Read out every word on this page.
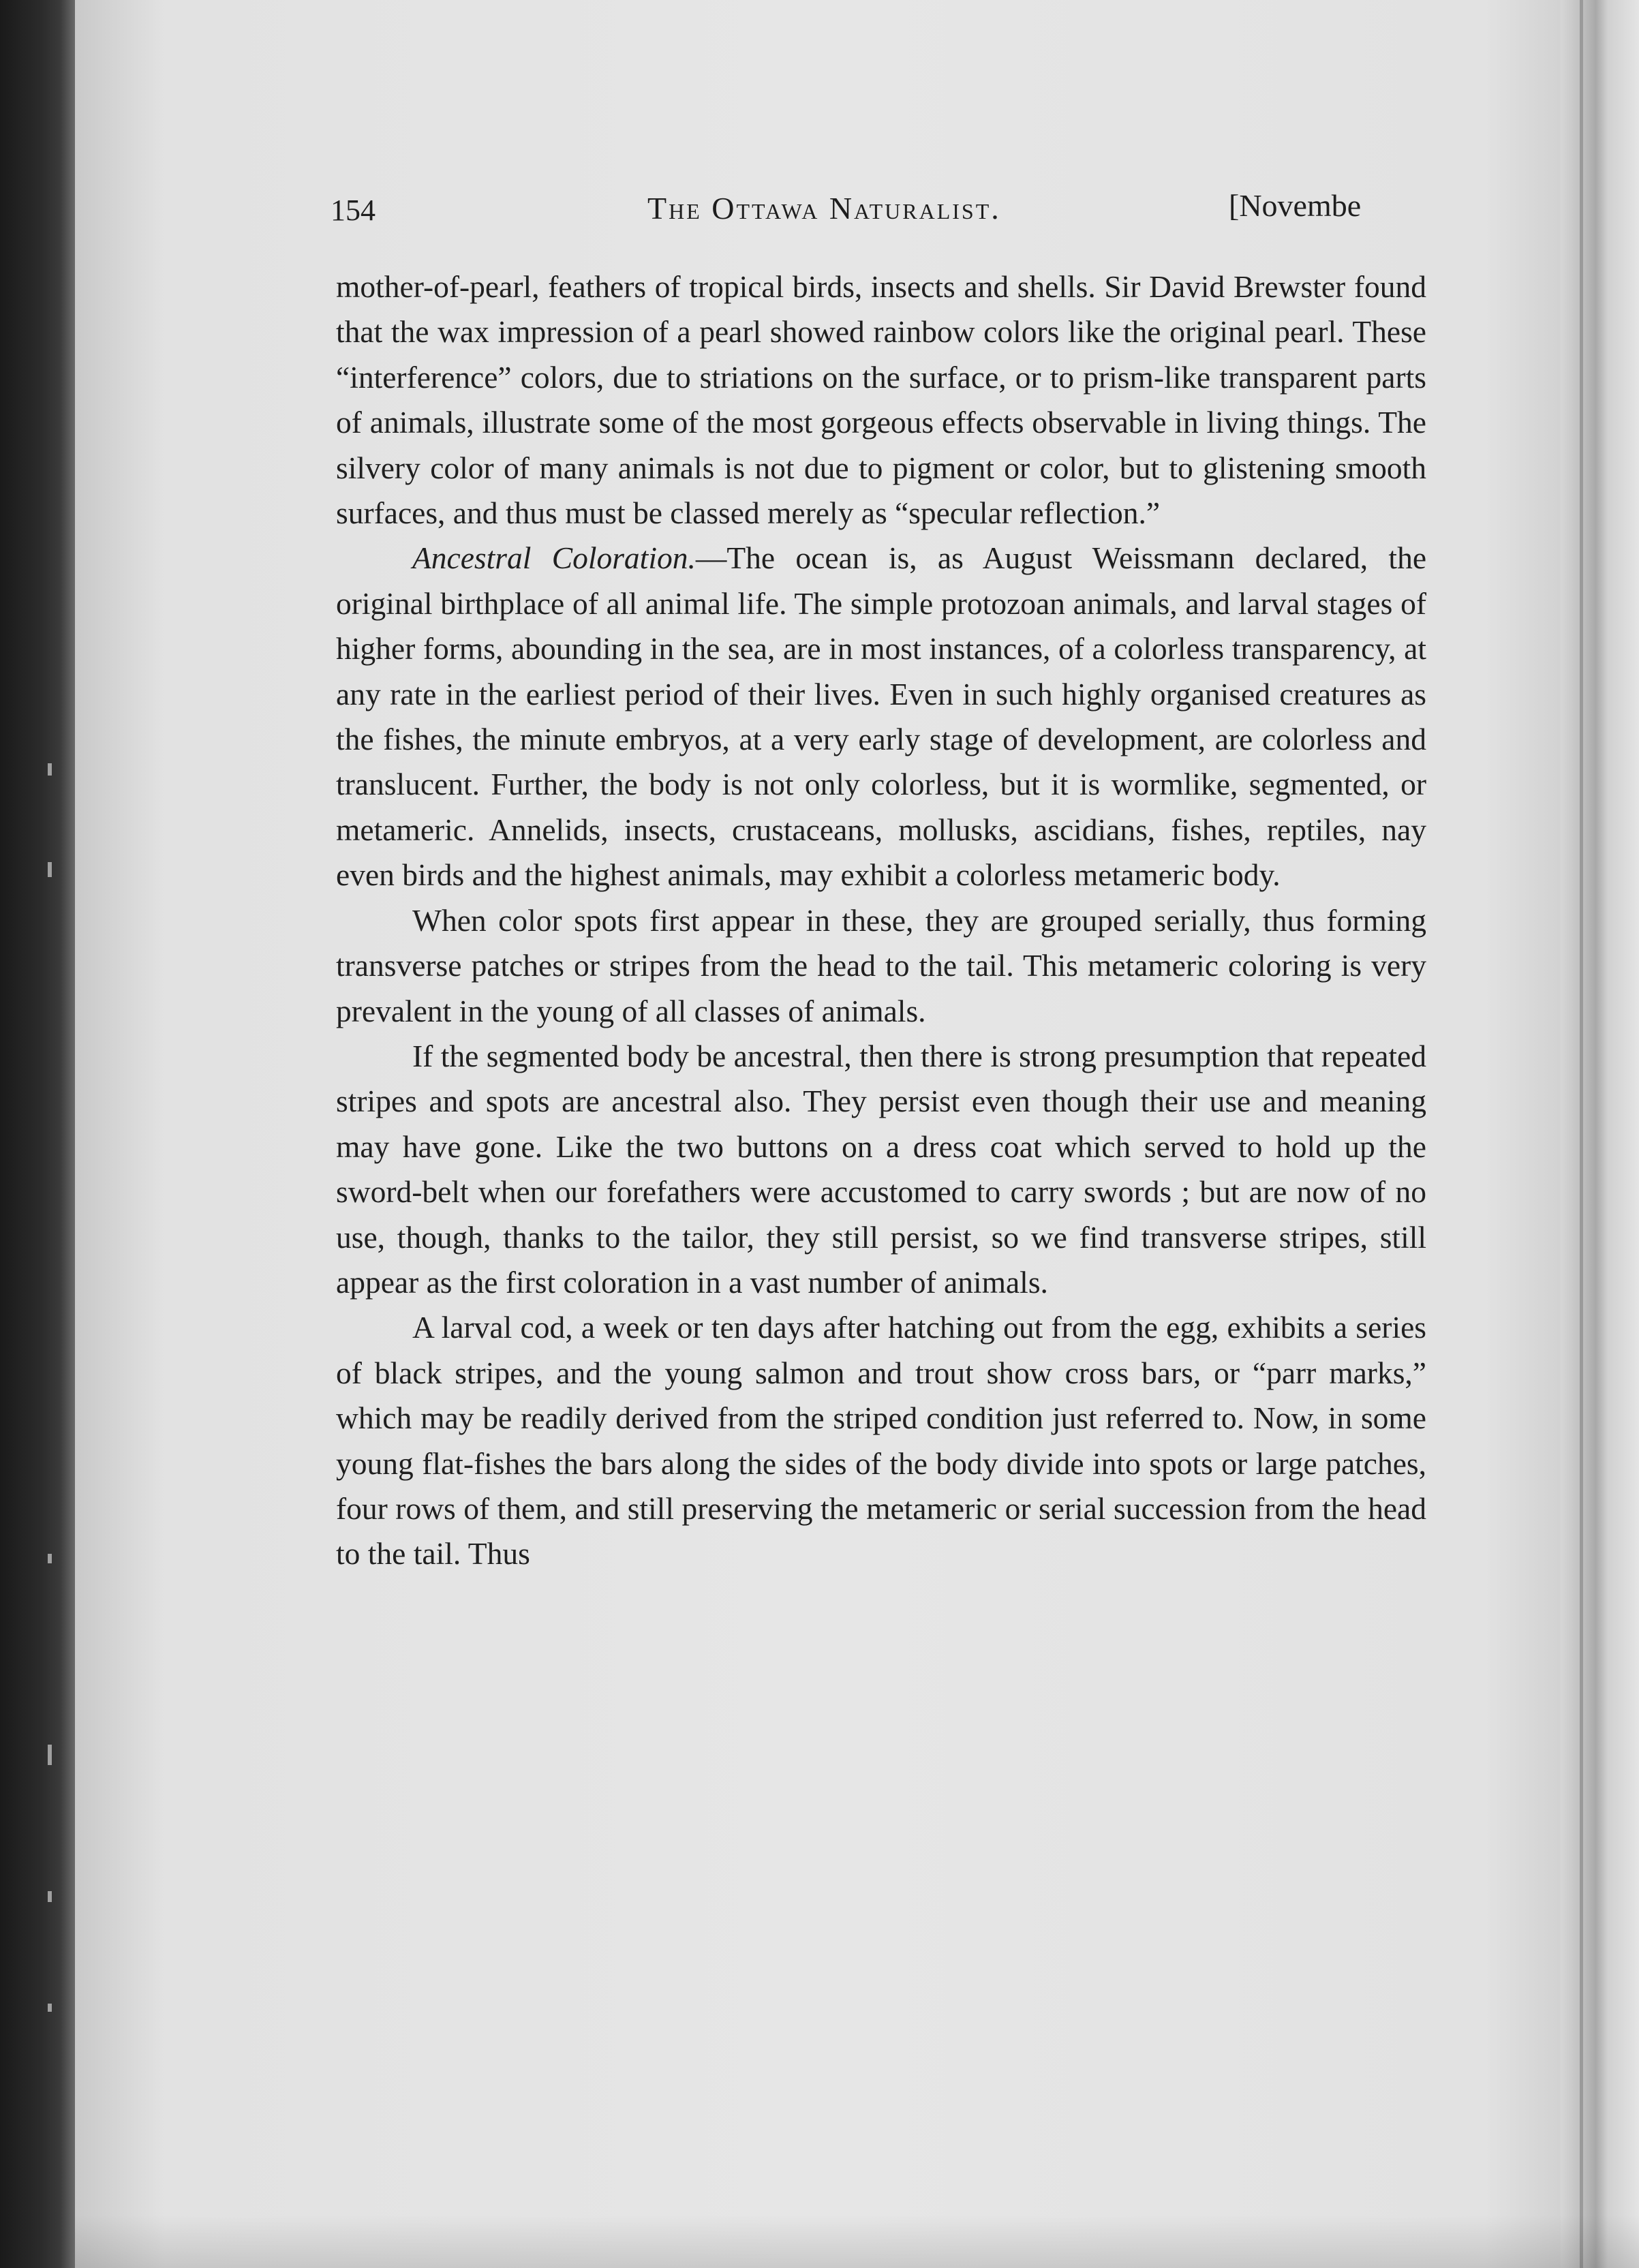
154	The Ottawa Naturalist.	[Novembe

mother-of-pearl, feathers of tropical birds, insects and shells. Sir David Brewster found that the wax impression of a pearl showed rainbow colors like the original pearl. These “interference” colors, due to striations on the surface, or to prism-like transparent parts of animals, illustrate some of the most gorgeous effects observable in living things. The silvery color of many animals is not due to pigment or color, but to glistening smooth surfaces, and thus must be classed merely as “specular reflection.”

Ancestral Coloration.—The ocean is, as August Weissmann declared, the original birthplace of all animal life. The simple protozoan animals, and larval stages of higher forms, abounding in the sea, are in most instances, of a colorless transparency, at any rate in the earliest period of their lives. Even in such highly organised creatures as the fishes, the minute embryos, at a very early stage of development, are colorless and translucent. Further, the body is not only colorless, but it is wormlike, segmented, or metameric. Annelids, insects, crustaceans, mollusks, ascidians, fishes, reptiles, nay even birds and the highest animals, may exhibit a colorless metameric body.

When color spots first appear in these, they are grouped serially, thus forming transverse patches or stripes from the head to the tail. This metameric coloring is very prevalent in the young of all classes of animals.

If the segmented body be ancestral, then there is strong presumption that repeated stripes and spots are ancestral also. They persist even though their use and meaning may have gone. Like the two buttons on a dress coat which served to hold up the sword-belt when our forefathers were accustomed to carry swords ; but are now of no use, though, thanks to the tailor, they still persist, so we find transverse stripes, still appear as the first coloration in a vast number of animals.

A larval cod, a week or ten days after hatching out from the egg, exhibits a series of black stripes, and the young salmon and trout show cross bars, or “parr marks,” which may be readily derived from the striped condition just referred to. Now, in some young flat-fishes the bars along the sides of the body divide into spots or large patches, four rows of them, and still preserving the metameric or serial succession from the head to the tail. Thus
